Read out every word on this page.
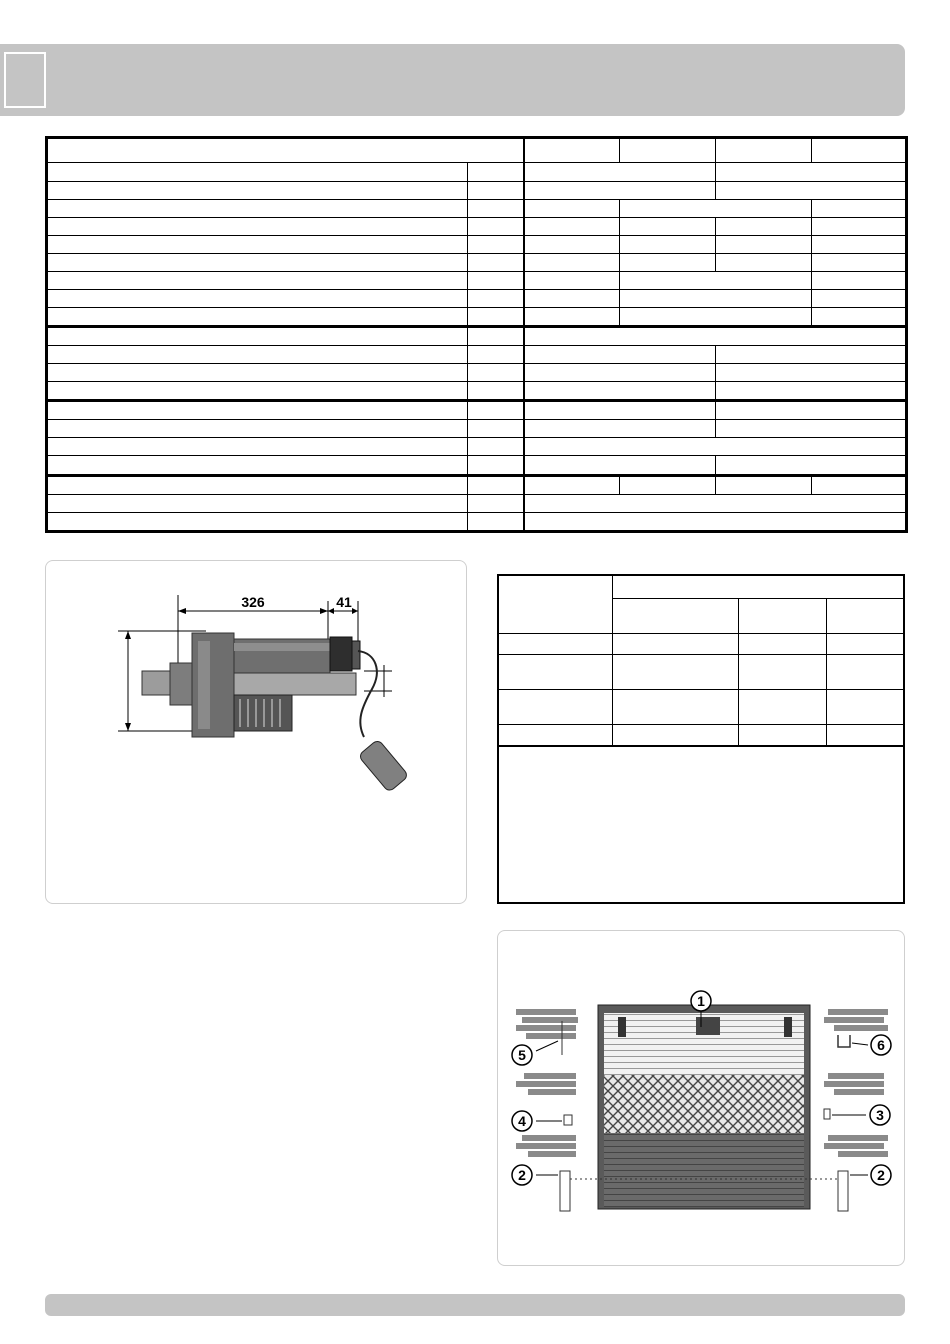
326	41

1
2	2
3
4
5
6
